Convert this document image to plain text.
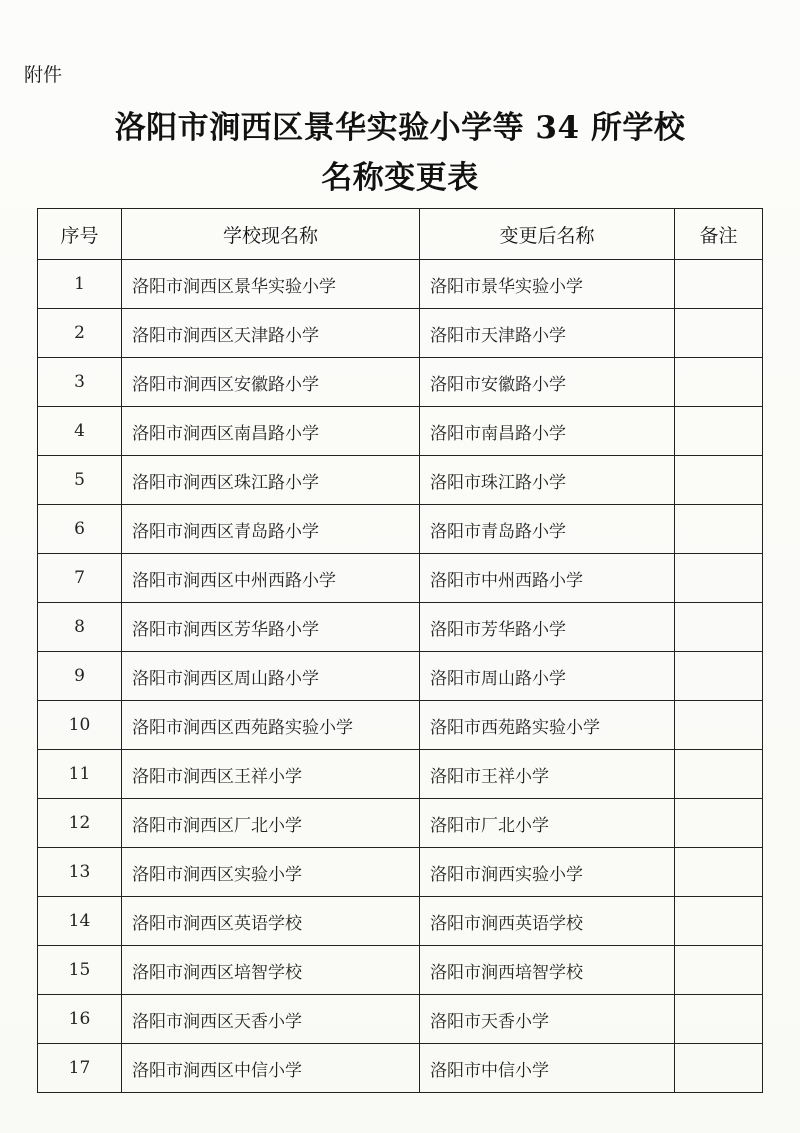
附件
洛阳市涧西区景华实验小学等 34 所学校
名称变更表
序号	学校现名称	变更后名称	备注
1	洛阳市涧西区景华实验小学	洛阳市景华实验小学	
2	洛阳市涧西区天津路小学	洛阳市天津路小学	
3	洛阳市涧西区安徽路小学	洛阳市安徽路小学	
4	洛阳市涧西区南昌路小学	洛阳市南昌路小学	
5	洛阳市涧西区珠江路小学	洛阳市珠江路小学	
6	洛阳市涧西区青岛路小学	洛阳市青岛路小学	
7	洛阳市涧西区中州西路小学	洛阳市中州西路小学	
8	洛阳市涧西区芳华路小学	洛阳市芳华路小学	
9	洛阳市涧西区周山路小学	洛阳市周山路小学	
10	洛阳市涧西区西苑路实验小学	洛阳市西苑路实验小学	
11	洛阳市涧西区王祥小学	洛阳市王祥小学	
12	洛阳市涧西区厂北小学	洛阳市厂北小学	
13	洛阳市涧西区实验小学	洛阳市涧西实验小学	
14	洛阳市涧西区英语学校	洛阳市涧西英语学校	
15	洛阳市涧西区培智学校	洛阳市涧西培智学校	
16	洛阳市涧西区天香小学	洛阳市天香小学	
17	洛阳市涧西区中信小学	洛阳市中信小学	
